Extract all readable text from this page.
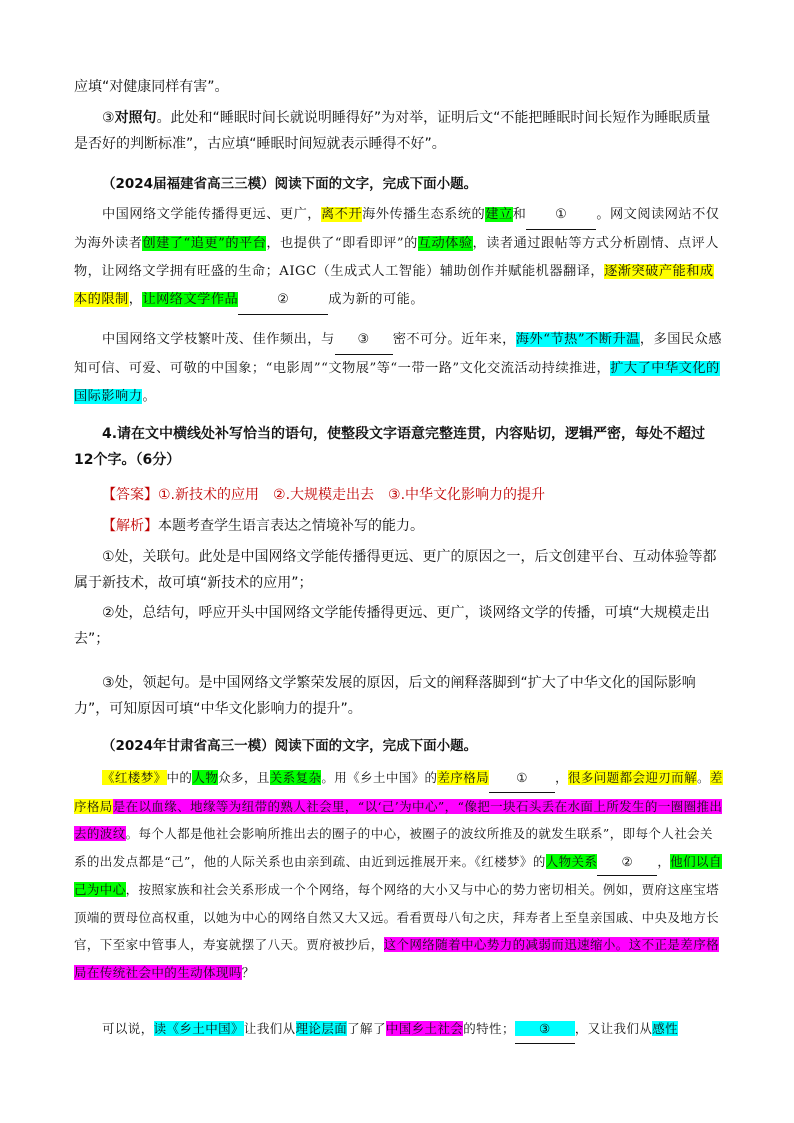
应填“对健康同样有害”。

③对照句。此处和“睡眠时间长就说明睡得好”为对举，证明后文“不能把睡眠时间长短作为睡眠质量是否好的判断标准”，古应填“睡眠时间短就表示睡得不好”。

（2024届福建省高三三模）阅读下面的文字，完成下面小题。

中国网络文学能传播得更远、更广，离不开海外传播生态系统的建立和 ① 。网文阅读网站不仅为海外读者创建了“追更”的平台，也提供了“即看即评”的互动体验，读者通过跟帖等方式分析剧情、点评人物，让网络文学拥有旺盛的生命；AIGC（生成式人工智能）辅助创作并赋能机器翻译，逐渐突破产能和成本的限制，让网络文学作品	②	成为新的可能。

中国网络文学枝繁叶茂、佳作频出，与 ③ 密不可分。近年来，海外“节热”不断升温，多国民众感知可信、可爱、可敬的中国象；“电影周”“文物展”等“一带一路”文化交流活动持续推进，扩大了中华文化的国际影响力。

4.请在文中横线处补写恰当的语句，使整段文字语意完整连贯，内容贴切，逻辑严密，每处不超过12个字。（6分）

【答案】①.新技术的应用 ②.大规模走出去 ③.中华文化影响力的提升

【解析】本题考查学生语言表达之情境补写的能力。

①处，关联句。此处是中国网络文学能传播得更远、更广的原因之一，后文创建平台、互动体验等都属于新技术，故可填“新技术的应用”；

②处，总结句，呼应开头中国网络文学能传播得更远、更广，谈网络文学的传播，可填“大规模走出去”；

③处，领起句。是中国网络文学繁荣发展的原因，后文的阐释落脚到“扩大了中华文化的国际影响力”，可知原因可填“中华文化影响力的提升”。

（2024年甘肃省高三一模）阅读下面的文字，完成下面小题。

《红楼梦》中的人物众多，且关系复杂。用《乡土中国》的差序格局 ① ，很多问题都会迎刃而解。差序格局是在以血缘、地缘等为纽带的熟人社会里，“以‘己’为中心”，“像把一块石头丢在水面上所发生的一圈圈推出去的波纹。每个人都是他社会影响所推出去的圈子的中心，被圈子的波纹所推及的就发生联系”，即每个人社会关系的出发点都是“己”，他的人际关系也由亲到疏、由近到远推展开来。《红楼梦》的人物关系 ② ，他们以自己为中心，按照家族和社会关系形成一个个网络，每个网络的大小又与中心的势力密切相关。例如，贾府这座宝塔顶端的贾母位高权重，以她为中心的网络自然又大又远。看看贾母八旬之庆，拜寿者上至皇亲国戚、中央及地方长官，下至家中管事人，寿宴就摆了八天。贾府被抄后，这个网络随着中心势力的减弱而迅速缩小。这不正是差序格局在传统社会中的生动体现吗？

可以说，读《乡土中国》让我们从理论层面了解了中国乡土社会的特性； ③ ，又让我们从感性
